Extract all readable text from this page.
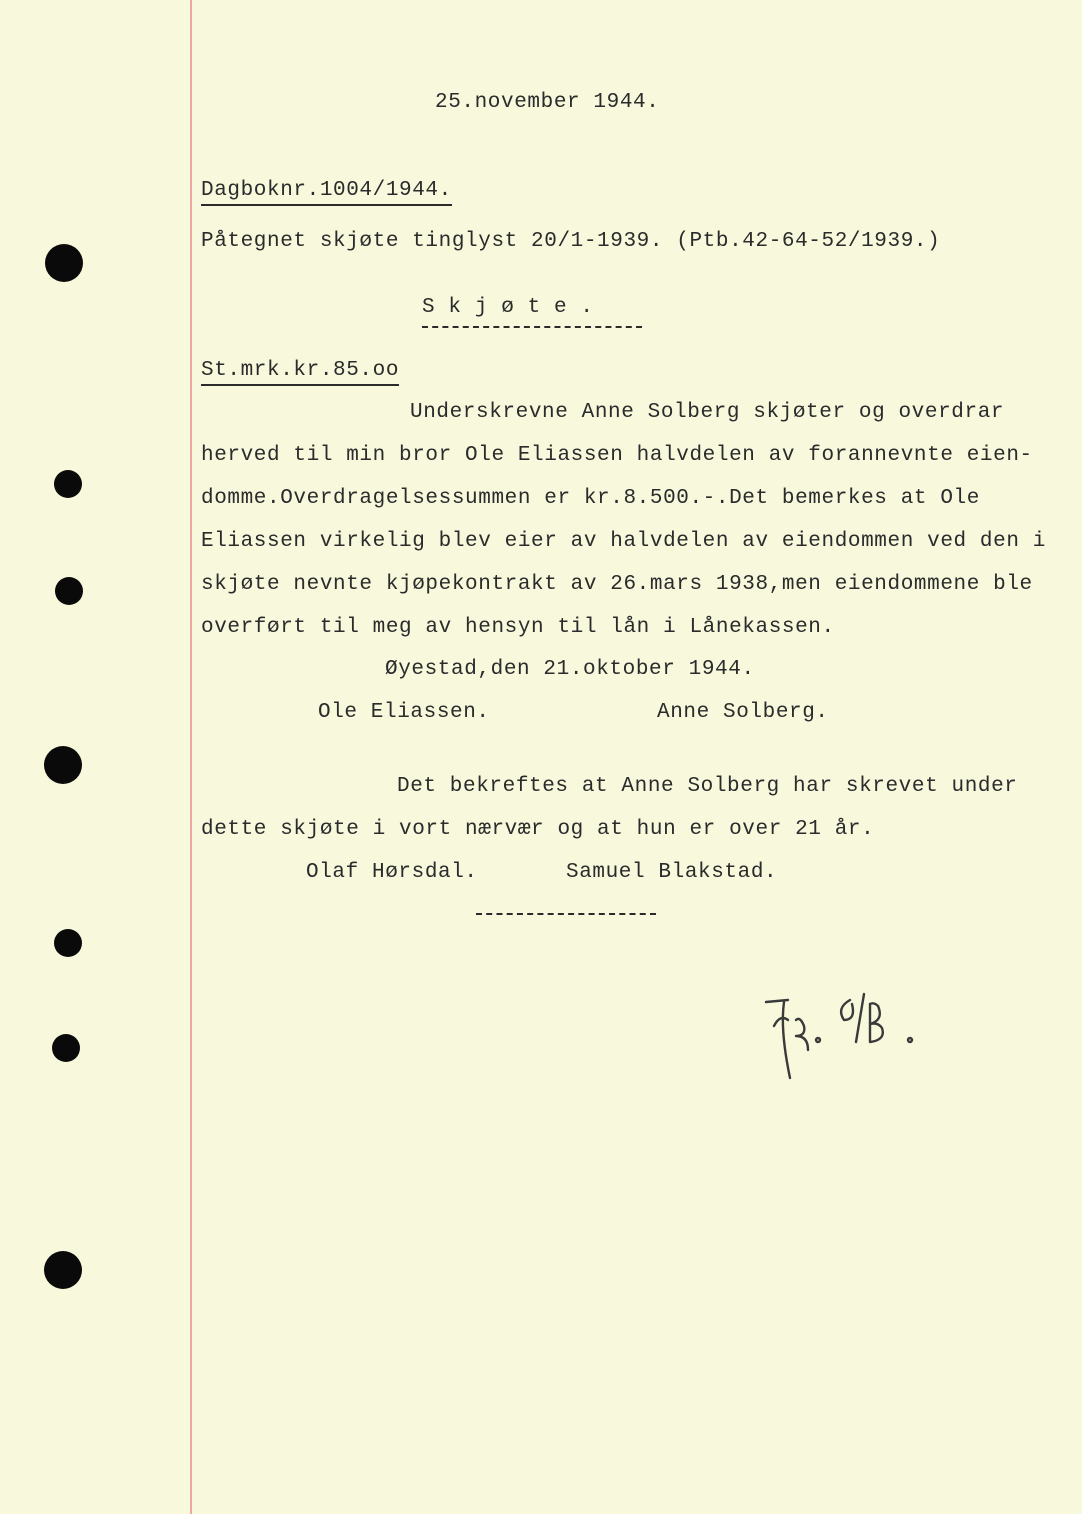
25.november 1944.
Dagboknr.1004/1944.
Påtegnet skjøte tinglyst 20/1-1939. (Ptb.42-64-52/1939.)
S k j ø t e .
St.mrk.kr.85.oo
Underskrevne Anne Solberg skjøter og overdrar
herved til min bror Ole Eliassen halvdelen av forannevnte eien-
domme.Overdragelsessummen er kr.8.500.-.Det bemerkes at Ole
Eliassen virkelig blev eier av halvdelen av eiendommen ved den i
skjøte nevnte kjøpekontrakt av 26.mars 1938,men eiendommene ble
overført til meg av hensyn til lån i Lånekassen.
Øyestad,den 21.oktober 1944.
Ole Eliassen.	Anne Solberg.
Det bekreftes at Anne Solberg har skrevet under
dette skjøte i vort nærvær og at hun er over 21 år.
Olaf Hørsdal.	Samuel Blakstad.
